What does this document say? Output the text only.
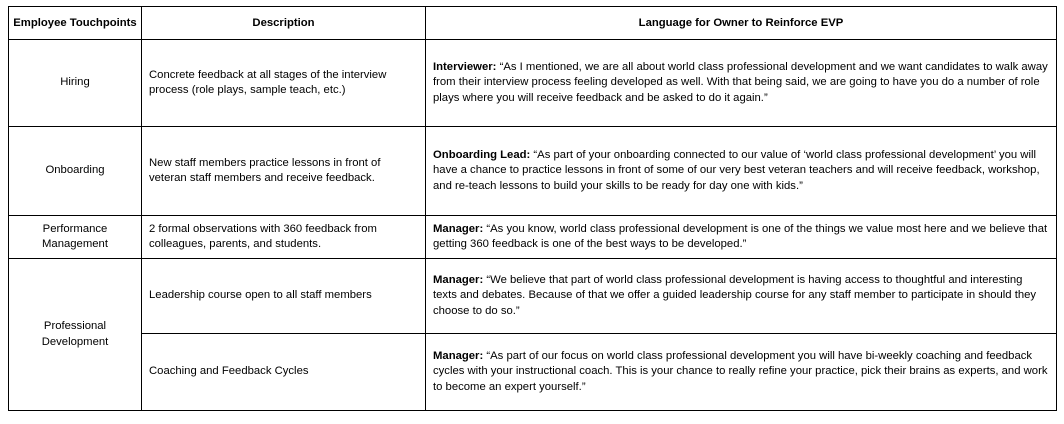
Employee Touchpoints	Description	Language for Owner to Reinforce EVP
Hiring	Concrete feedback at all stages of the interview process (role plays, sample teach, etc.)	Interviewer: “As I mentioned, we are all about world class professional development and we want candidates to walk away from their interview process feeling developed as well. With that being said, we are going to have you do a number of role plays where you will receive feedback and be asked to do it again.”
Onboarding	New staff members practice lessons in front of veteran staff members and receive feedback.	Onboarding Lead: “As part of your onboarding connected to our value of ‘world class professional development’ you will have a chance to practice lessons in front of some of our very best veteran teachers and will receive feedback, workshop, and re-teach lessons to build your skills to be ready for day one with kids.”
Performance Management	2 formal observations with 360 feedback from colleagues, parents, and students.	Manager: “As you know, world class professional development is one of the things we value most here and we believe that getting 360 feedback is one of the best ways to be developed.”
Professional Development	Leadership course open to all staff members	Manager: “We believe that part of world class professional development is having access to thoughtful and interesting texts and debates. Because of that we offer a guided leadership course for any staff member to participate in should they choose to do so.”
	Coaching and Feedback Cycles	Manager: “As part of our focus on world class professional development you will have bi-weekly coaching and feedback cycles with your instructional coach. This is your chance to really refine your practice, pick their brains as experts, and work to become an expert yourself.”
